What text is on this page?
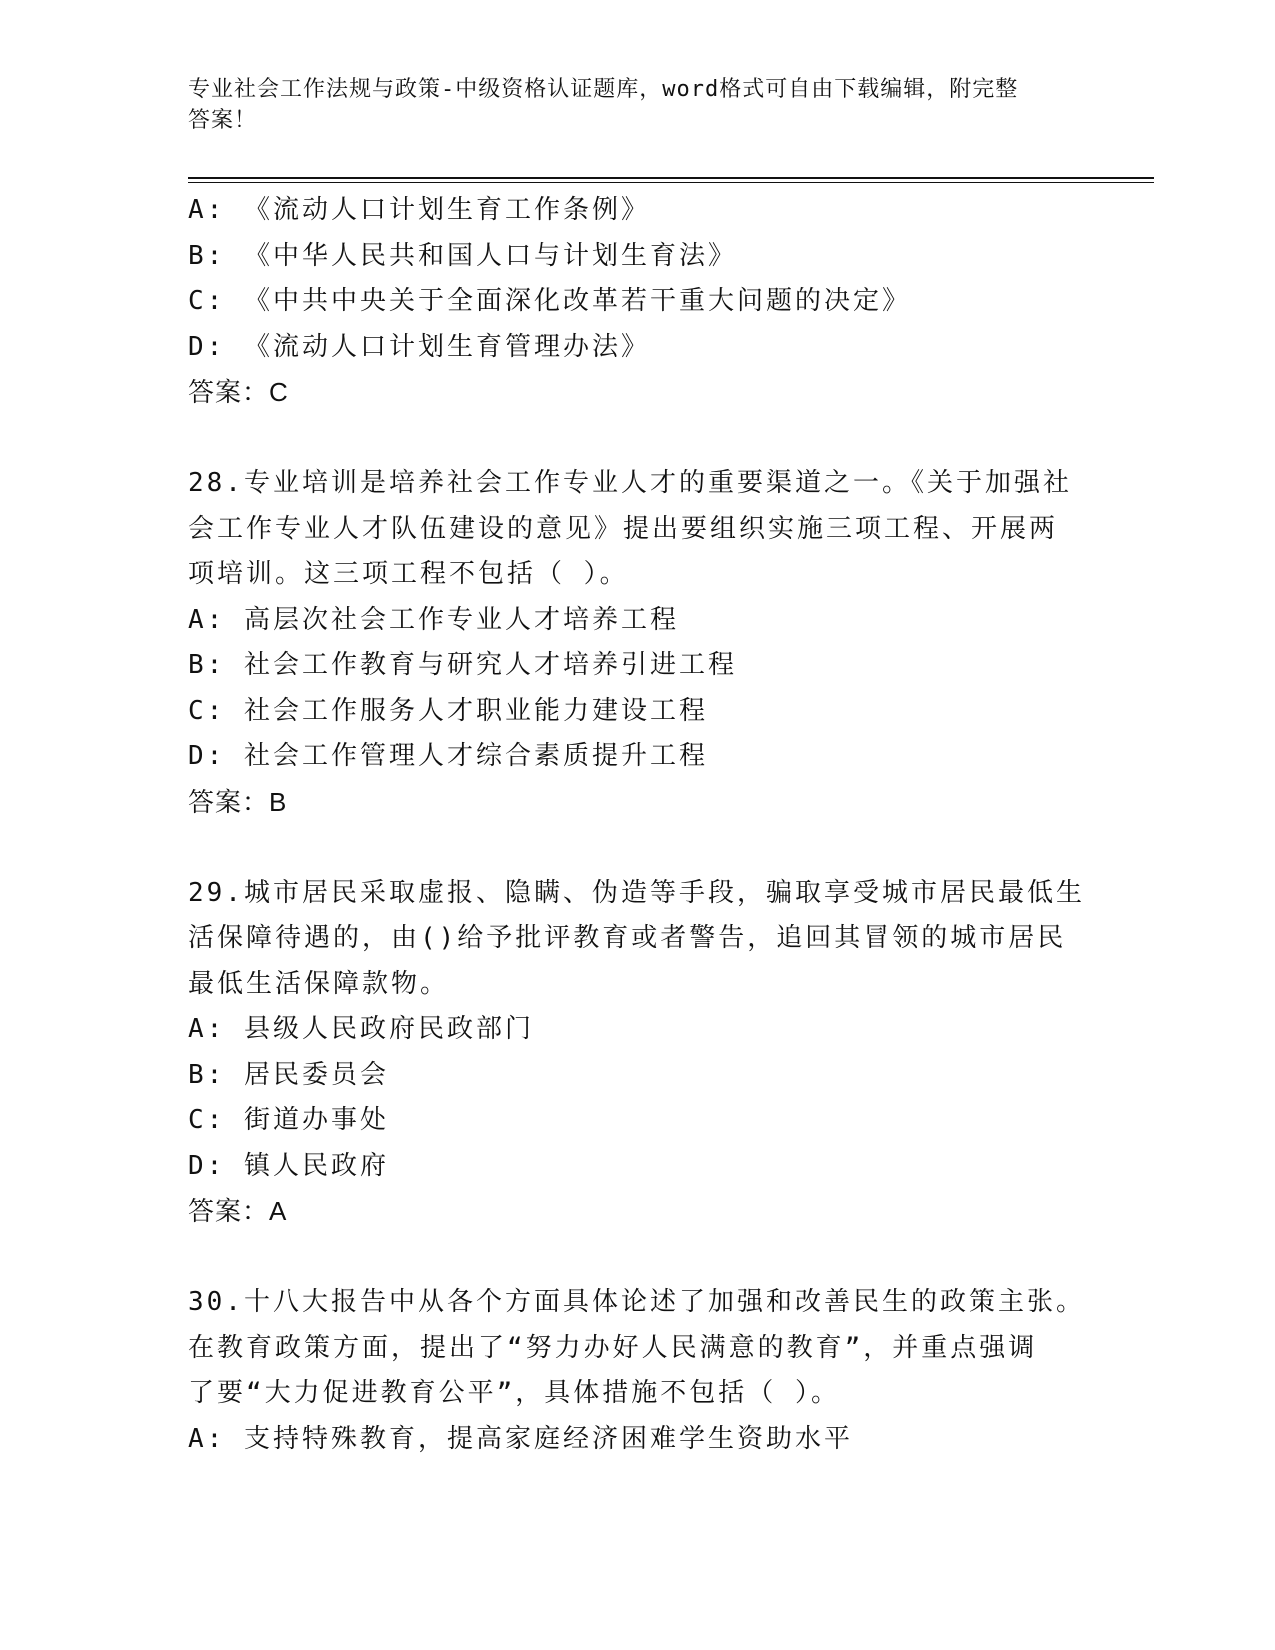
专业社会工作法规与政策-中级资格认证题库，word格式可自由下载编辑，附完整
答案！
A: 《流动人口计划生育工作条例》
B: 《中华人民共和国人口与计划生育法》
C: 《中共中央关于全面深化改革若干重大问题的决定》
D: 《流动人口计划生育管理办法》
答案：C
28.专业培训是培养社会工作专业人才的重要渠道之一。《关于加强社
会工作专业人才队伍建设的意见》提出要组织实施三项工程、开展两
项培训。这三项工程不包括（ ）。
A: 高层次社会工作专业人才培养工程
B: 社会工作教育与研究人才培养引进工程
C: 社会工作服务人才职业能力建设工程
D: 社会工作管理人才综合素质提升工程
答案：B
29.城市居民采取虚报、隐瞒、伪造等手段，骗取享受城市居民最低生
活保障待遇的，由()给予批评教育或者警告，追回其冒领的城市居民
最低生活保障款物。
A: 县级人民政府民政部门
B: 居民委员会
C: 街道办事处
D: 镇人民政府
答案：A
30.十八大报告中从各个方面具体论述了加强和改善民生的政策主张。
在教育政策方面，提出了“努力办好人民满意的教育”，并重点强调
了要“大力促进教育公平”，具体措施不包括（ ）。
A: 支持特殊教育，提高家庭经济困难学生资助水平
